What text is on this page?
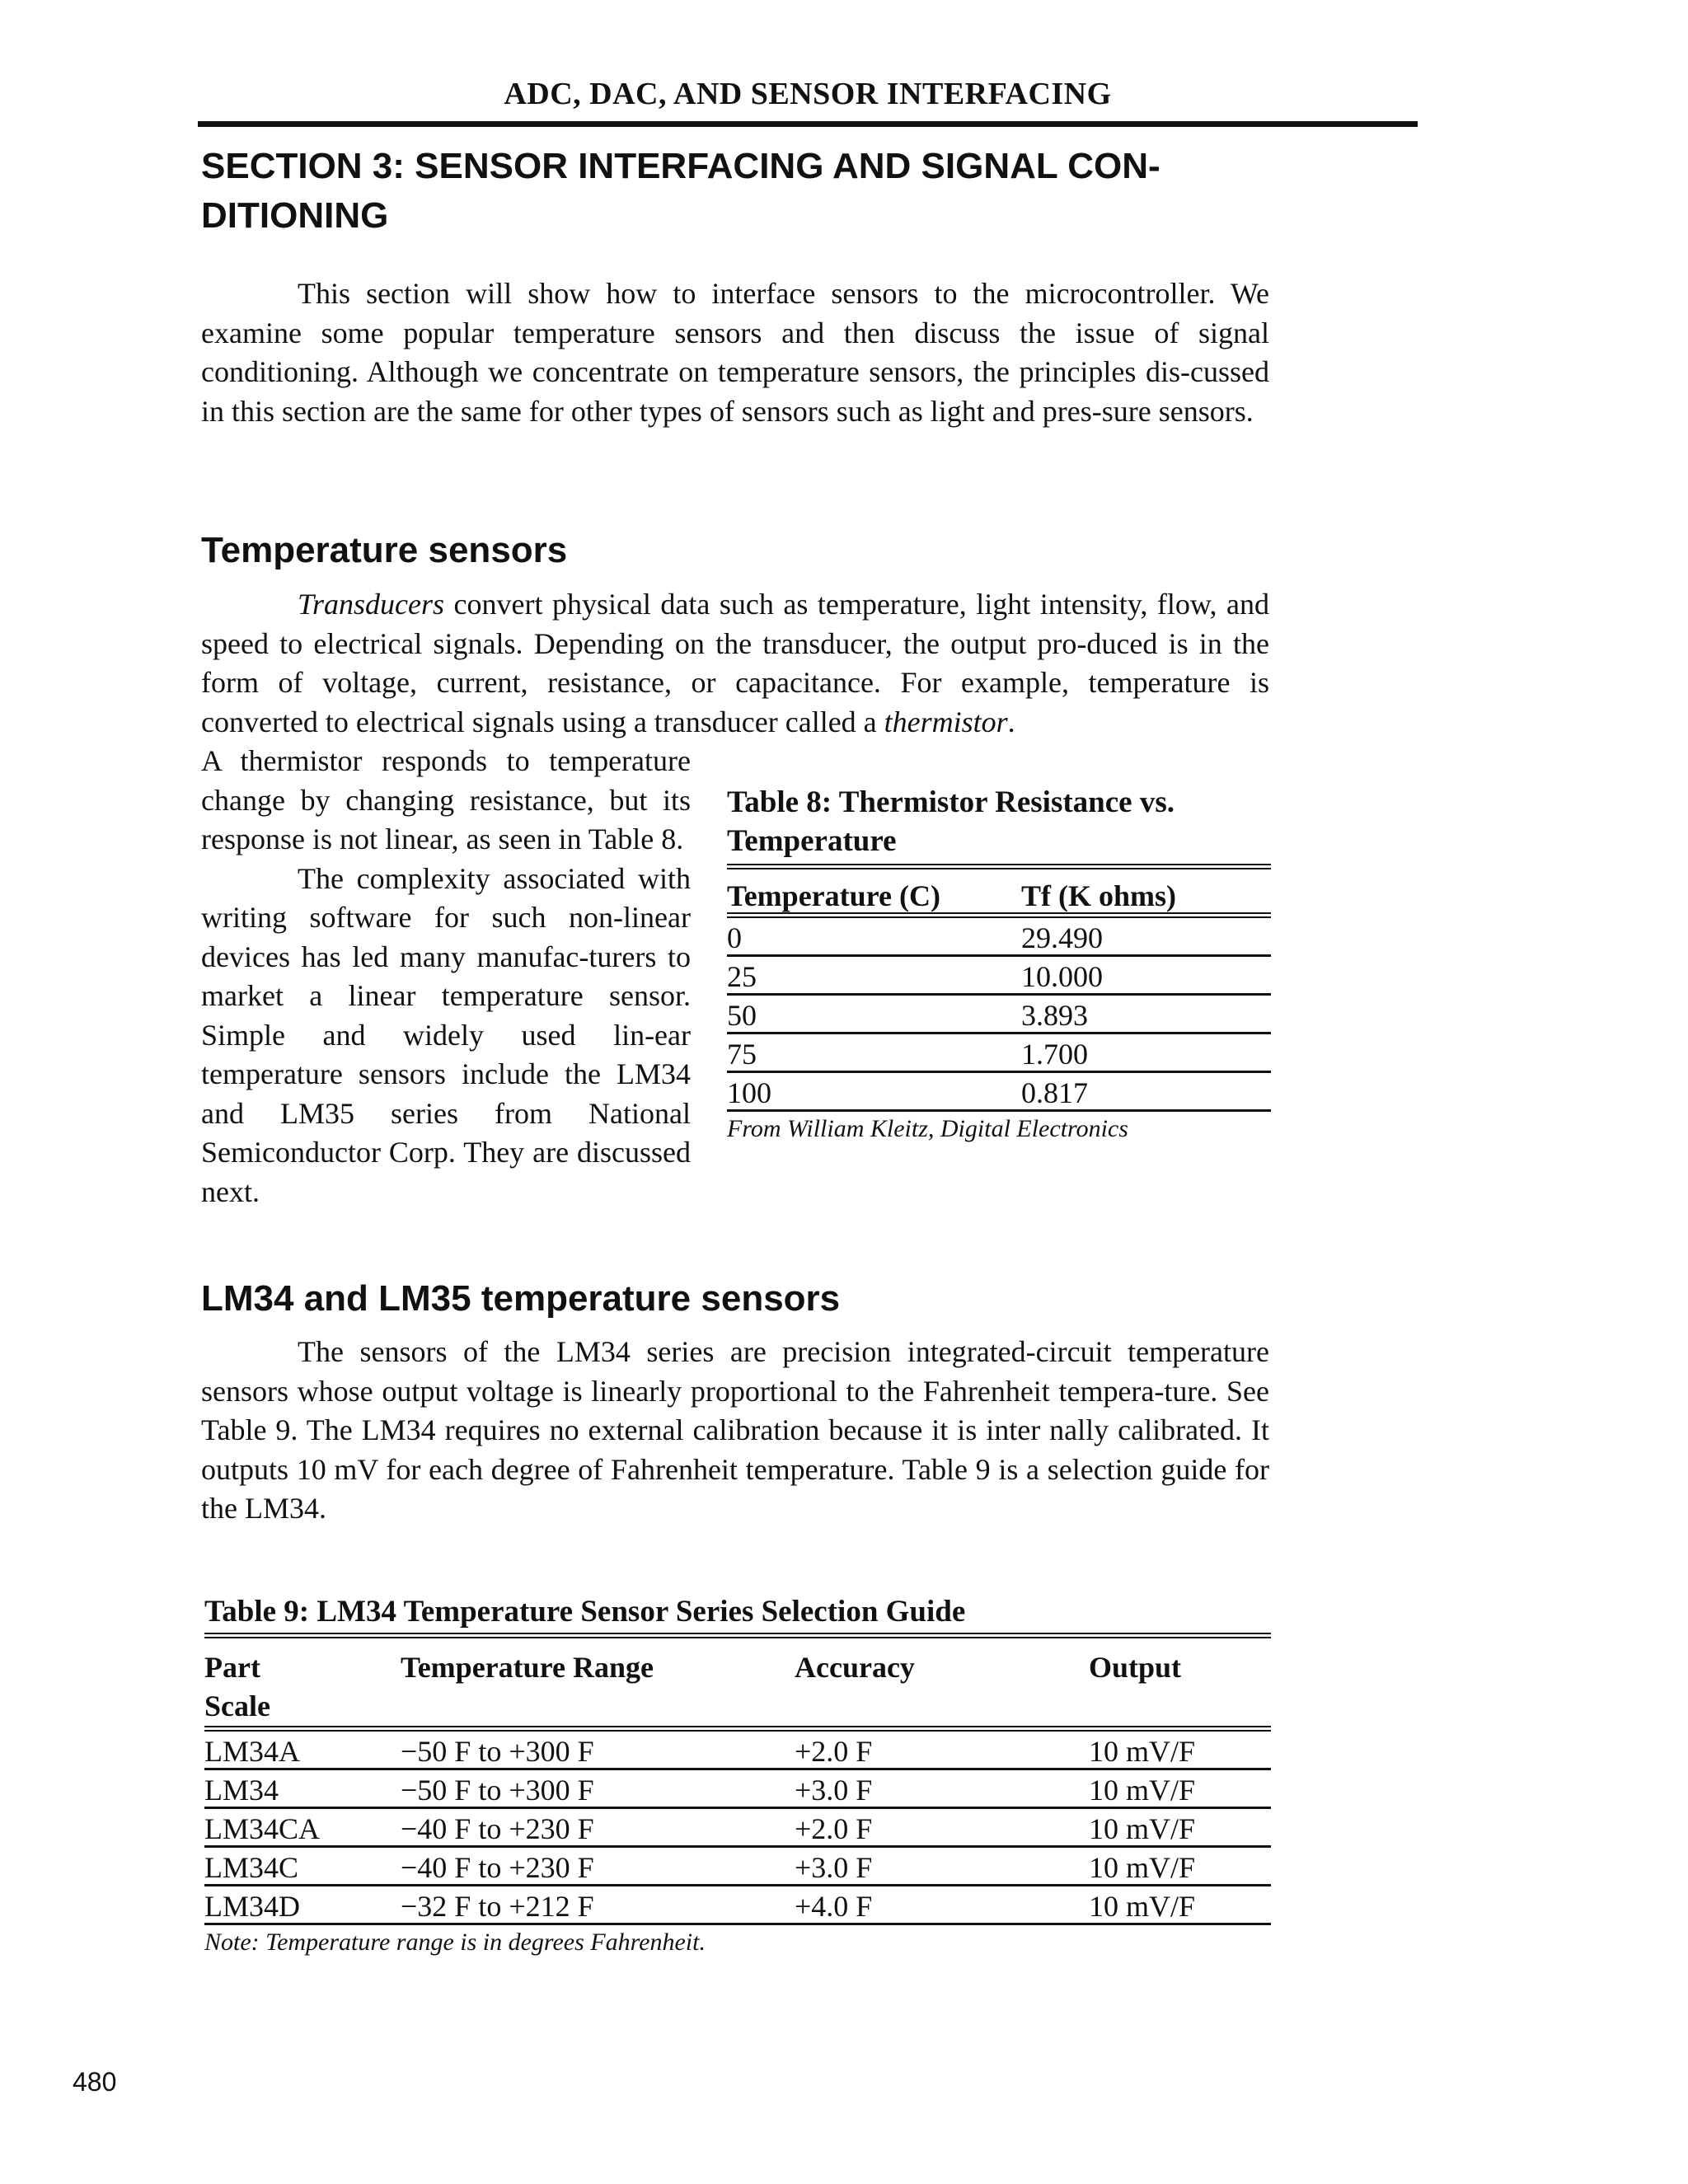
ADC, DAC, AND SENSOR INTERFACING
SECTION 3: SENSOR INTERFACING AND SIGNAL CON-
DITIONING

This section will show how to interface sensors to the microcontroller. We examine some popular temperature sensors and then discuss the issue of signal conditioning. Although we concentrate on temperature sensors, the principles dis-cussed in this section are the same for other types of sensors such as light and pres-sure sensors.

Temperature sensors

Transducers convert physical data such as temperature, light intensity, flow, and speed to electrical signals. Depending on the transducer, the output pro-duced is in the form of voltage, current, resistance, or capacitance. For example, temperature is converted to electrical signals using a transducer called a thermistor.

A thermistor responds to temperature change by changing resistance, but its response is not linear, as seen in Table 8.

The complexity associated with writing software for such non-linear devices has led many manufac-turers to market a linear temperature sensor. Simple and widely used lin-ear temperature sensors include the LM34 and LM35 series from National Semiconductor Corp. They are discussed next.

Table 8: Thermistor Resistance vs. Temperature
Temperature (C)	Tf (K ohms)

0	29.490
25	10.000
50	3.893
75	1.700
100	0.817
From William Kleitz, Digital Electronics
LM34 and LM35 temperature sensors

The sensors of the LM34 series are precision integrated-circuit temperature sensors whose output voltage is linearly proportional to the Fahrenheit tempera-ture. See Table 9. The LM34 requires no external calibration because it is inter nally calibrated. It outputs 10 mV for each degree of Fahrenheit temperature. Table 9 is a selection guide for the LM34.

Table 9: LM34 Temperature Sensor Series Selection Guide
Part
Scale	Temperature Range	Accuracy	Output

LM34A	−50 F to +300 F	+2.0 F	10 mV/F
LM34	−50 F to +300 F	+3.0 F	10 mV/F
LM34CA	−40 F to +230 F	+2.0 F	10 mV/F
LM34C	−40 F to +230 F	+3.0 F	10 mV/F
LM34D	−32 F to +212 F	+4.0 F	10 mV/F
Note: Temperature range is in degrees Fahrenheit.
480
